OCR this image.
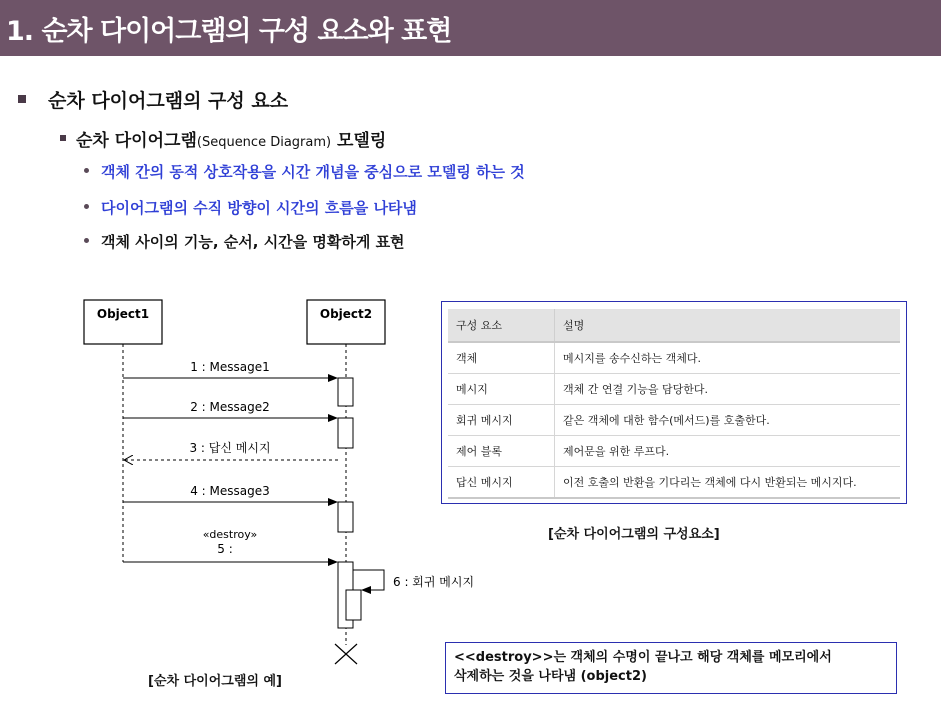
1. 순차 다이어그램의 구성 요소와 표현
순차 다이어그램의 구성 요소
순차 다이어그램(Sequence Diagram) 모델링
객체 간의 동적 상호작용을 시간 개념을 중심으로 모델링 하는 것
다이어그램의 수직 방향이 시간의 흐름을 나타냄
객체 사이의 기능, 순서, 시간을 명확하게 표현
Object1	Object2
1 : Message1
2 : Message2
3 : 답신 메시지
4 : Message3
«destroy»
5 :
6 : 회귀 메시지
[순차 다이어그램의 예]
구성 요소	설명
객체	메시지를 송수신하는 객체다.
메시지	객체 간 연결 기능을 담당한다.
회귀 메시지	같은 객체에 대한 함수(메서드)를 호출한다.
제어 블록	제어문을 위한 루프다.
답신 메시지	이전 호출의 반환을 기다리는 객체에 다시 반환되는 메시지다.
[순차 다이어그램의 구성요소]
<<destroy>>는 객체의 수명이 끝나고 해당 객체를 메모리에서
삭제하는 것을 나타냄 (object2)
